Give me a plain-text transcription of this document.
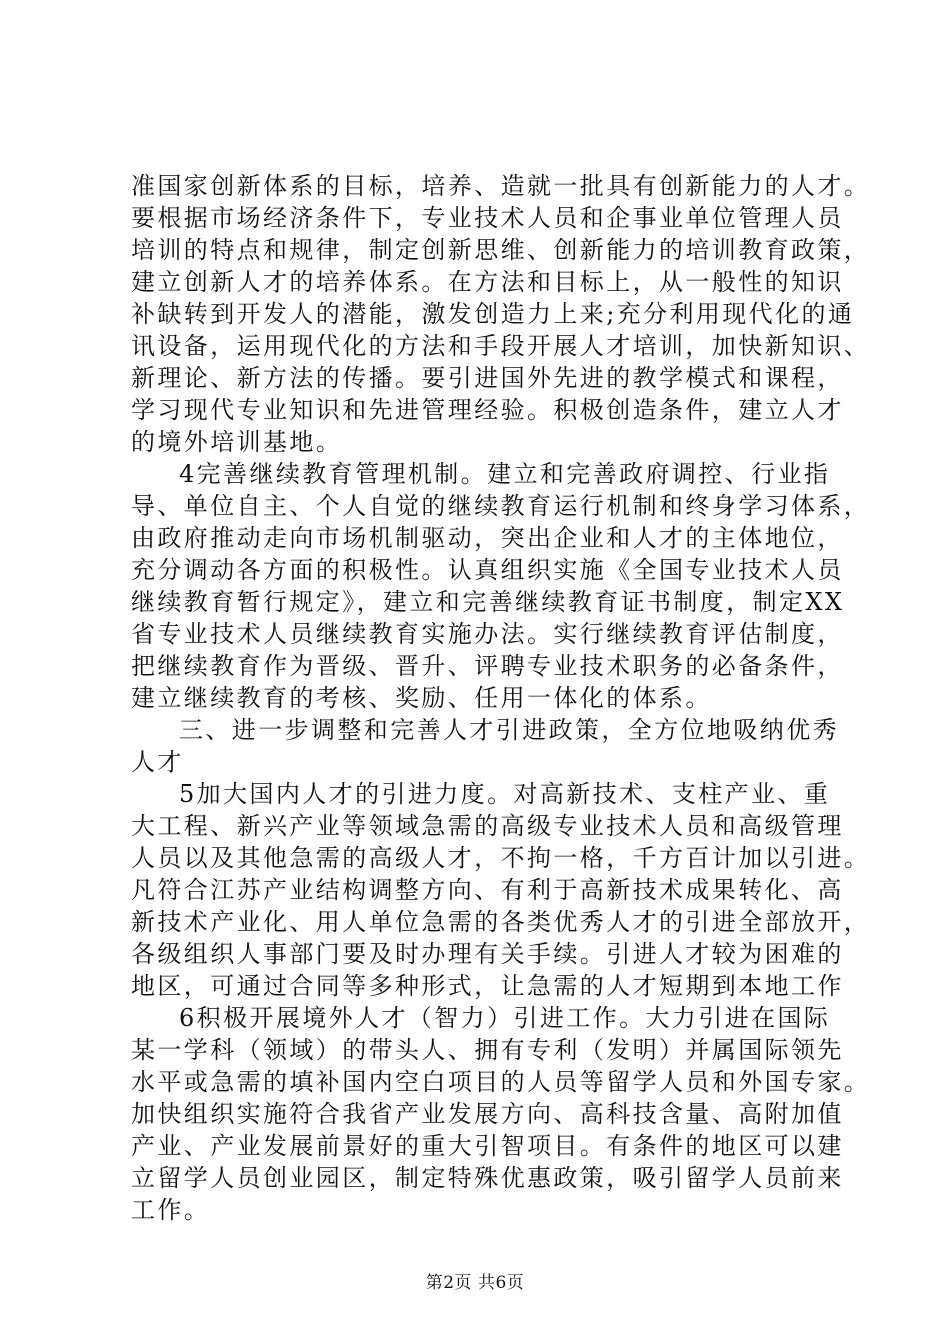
准国家创新体系的目标，培养、造就一批具有创新能力的人才。
要根据市场经济条件下，专业技术人员和企事业单位管理人员
培训的特点和规律，制定创新思维、创新能力的培训教育政策，
建立创新人才的培养体系。在方法和目标上，从一般性的知识
补缺转到开发人的潜能，激发创造力上来;充分利用现代化的通
讯设备，运用现代化的方法和手段开展人才培训，加快新知识、
新理论、新方法的传播。要引进国外先进的教学模式和课程，
学习现代专业知识和先进管理经验。积极创造条件，建立人才
的境外培训基地。
4完善继续教育管理机制。建立和完善政府调控、行业指
导、单位自主、个人自觉的继续教育运行机制和终身学习体系，
由政府推动走向市场机制驱动，突出企业和人才的主体地位，
充分调动各方面的积极性。认真组织实施《全国专业技术人员
继续教育暂行规定》，建立和完善继续教育证书制度，制定XX
省专业技术人员继续教育实施办法。实行继续教育评估制度，
把继续教育作为晋级、晋升、评聘专业技术职务的必备条件，
建立继续教育的考核、奖励、任用一体化的体系。
三、进一步调整和完善人才引进政策，全方位地吸纳优秀
人才
5加大国内人才的引进力度。对高新技术、支柱产业、重
大工程、新兴产业等领域急需的高级专业技术人员和高级管理
人员以及其他急需的高级人才，不拘一格，千方百计加以引进。
凡符合江苏产业结构调整方向、有利于高新技术成果转化、高
新技术产业化、用人单位急需的各类优秀人才的引进全部放开，
各级组织人事部门要及时办理有关手续。引进人才较为困难的
地区，可通过合同等多种形式，让急需的人才短期到本地工作
6积极开展境外人才（智力）引进工作。大力引进在国际
某一学科（领域）的带头人、拥有专利（发明）并属国际领先
水平或急需的填补国内空白项目的人员等留学人员和外国专家。
加快组织实施符合我省产业发展方向、高科技含量、高附加值
产业、产业发展前景好的重大引智项目。有条件的地区可以建
立留学人员创业园区，制定特殊优惠政策，吸引留学人员前来
工作。
第2页 共6页
